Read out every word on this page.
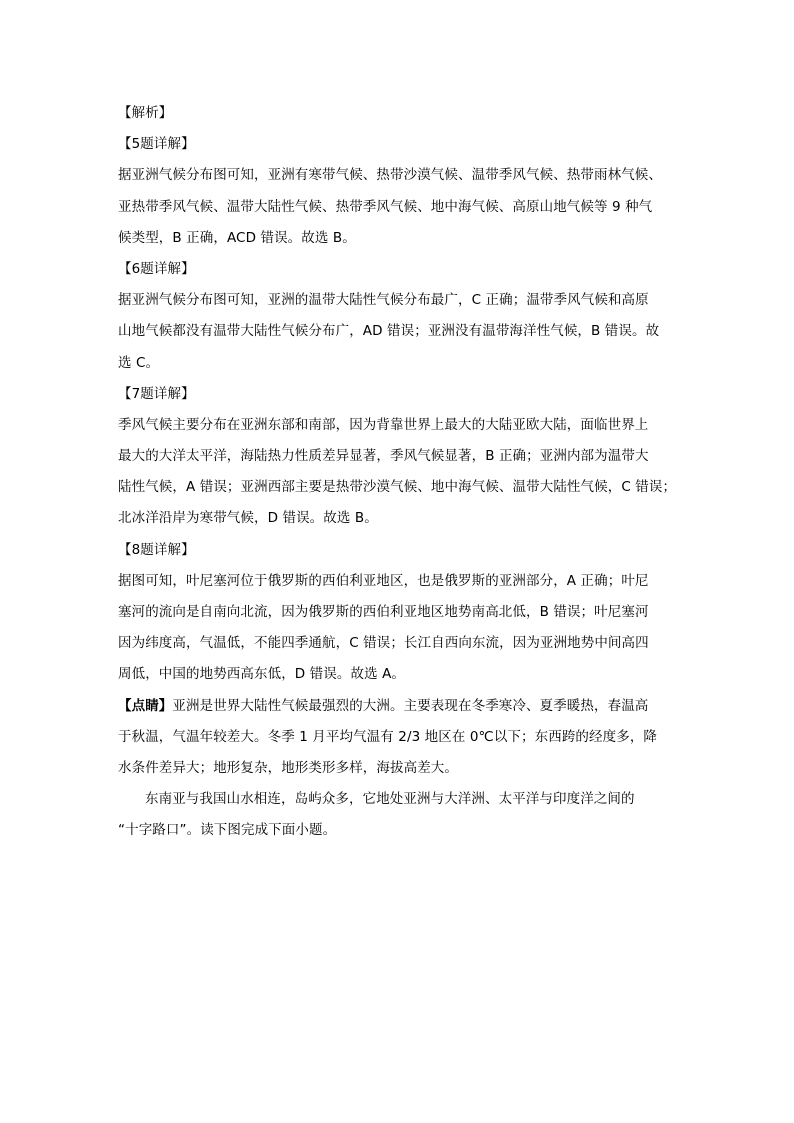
【解析】
【5题详解】
据亚洲气候分布图可知，亚洲有寒带气候、热带沙漠气候、温带季风气候、热带雨林气候、
亚热带季风气候、温带大陆性气候、热带季风气候、地中海气候、高原山地气候等 9 种气
候类型，B 正确，ACD 错误。故选 B。
【6题详解】
据亚洲气候分布图可知，亚洲的温带大陆性气候分布最广，C 正确；温带季风气候和高原
山地气候都没有温带大陆性气候分布广，AD 错误；亚洲没有温带海洋性气候，B 错误。故
选 C。
【7题详解】
季风气候主要分布在亚洲东部和南部，因为背靠世界上最大的大陆亚欧大陆，面临世界上
最大的大洋太平洋，海陆热力性质差异显著，季风气候显著，B 正确；亚洲内部为温带大
陆性气候，A 错误；亚洲西部主要是热带沙漠气候、地中海气候、温带大陆性气候，C 错误；
北冰洋沿岸为寒带气候，D 错误。故选 B。
【8题详解】
据图可知，叶尼塞河位于俄罗斯的西伯利亚地区，也是俄罗斯的亚洲部分，A 正确；叶尼
塞河的流向是自南向北流，因为俄罗斯的西伯利亚地区地势南高北低，B 错误；叶尼塞河
因为纬度高，气温低，不能四季通航，C 错误；长江自西向东流，因为亚洲地势中间高四
周低，中国的地势西高东低，D 错误。故选 A。
【点睛】亚洲是世界大陆性气候最强烈的大洲。主要表现在冬季寒冷、夏季暖热，春温高
于秋温，气温年较差大。冬季 1 月平均气温有 2/3 地区在 0℃以下；东西跨的经度多，降
水条件差异大；地形复杂，地形类形多样，海拔高差大。
东南亚与我国山水相连，岛屿众多，它地处亚洲与大洋洲、太平洋与印度洋之间的
“十字路口”。读下图完成下面小题。
